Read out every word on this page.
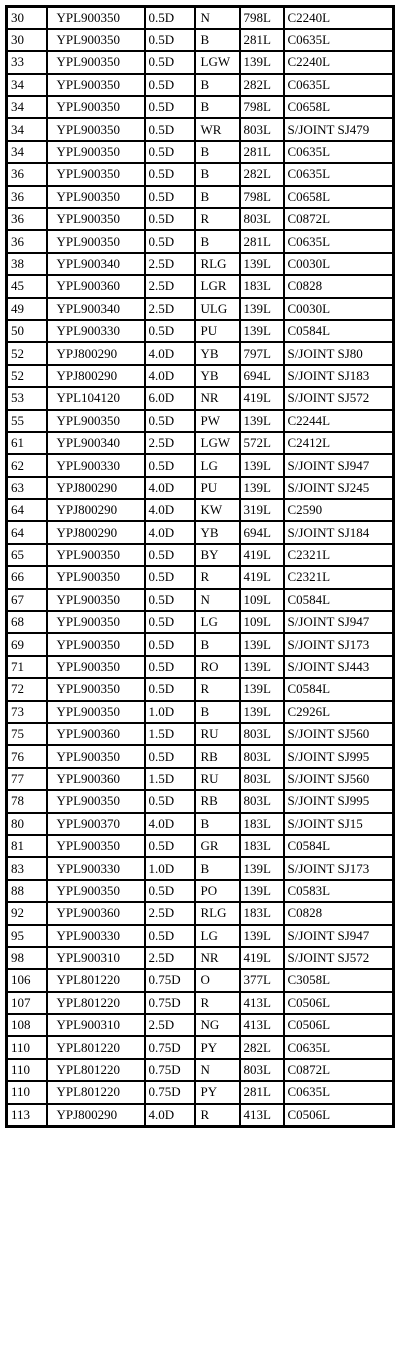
30	YPL900350	0.5D	N	798L	C2240L
30	YPL900350	0.5D	B	281L	C0635L
33	YPL900350	0.5D	LGW	139L	C2240L
34	YPL900350	0.5D	B	282L	C0635L
34	YPL900350	0.5D	B	798L	C0658L
34	YPL900350	0.5D	WR	803L	S/JOINT SJ479
34	YPL900350	0.5D	B	281L	C0635L
36	YPL900350	0.5D	B	282L	C0635L
36	YPL900350	0.5D	B	798L	C0658L
36	YPL900350	0.5D	R	803L	C0872L
36	YPL900350	0.5D	B	281L	C0635L
38	YPL900340	2.5D	RLG	139L	C0030L
45	YPL900360	2.5D	LGR	183L	C0828
49	YPL900340	2.5D	ULG	139L	C0030L
50	YPL900330	0.5D	PU	139L	C0584L
52	YPJ800290	4.0D	YB	797L	S/JOINT SJ80
52	YPJ800290	4.0D	YB	694L	S/JOINT SJ183
53	YPL104120	6.0D	NR	419L	S/JOINT SJ572
55	YPL900350	0.5D	PW	139L	C2244L
61	YPL900340	2.5D	LGW	572L	C2412L
62	YPL900330	0.5D	LG	139L	S/JOINT SJ947
63	YPJ800290	4.0D	PU	139L	S/JOINT SJ245
64	YPJ800290	4.0D	KW	319L	C2590
64	YPJ800290	4.0D	YB	694L	S/JOINT SJ184
65	YPL900350	0.5D	BY	419L	C2321L
66	YPL900350	0.5D	R	419L	C2321L
67	YPL900350	0.5D	N	109L	C0584L
68	YPL900350	0.5D	LG	109L	S/JOINT SJ947
69	YPL900350	0.5D	B	139L	S/JOINT SJ173
71	YPL900350	0.5D	RO	139L	S/JOINT SJ443
72	YPL900350	0.5D	R	139L	C0584L
73	YPL900350	1.0D	B	139L	C2926L
75	YPL900360	1.5D	RU	803L	S/JOINT SJ560
76	YPL900350	0.5D	RB	803L	S/JOINT SJ995
77	YPL900360	1.5D	RU	803L	S/JOINT SJ560
78	YPL900350	0.5D	RB	803L	S/JOINT SJ995
80	YPL900370	4.0D	B	183L	S/JOINT SJ15
81	YPL900350	0.5D	GR	183L	C0584L
83	YPL900330	1.0D	B	139L	S/JOINT SJ173
88	YPL900350	0.5D	PO	139L	C0583L
92	YPL900360	2.5D	RLG	183L	C0828
95	YPL900330	0.5D	LG	139L	S/JOINT SJ947
98	YPL900310	2.5D	NR	419L	S/JOINT SJ572
106	YPL801220	0.75D	O	377L	C3058L
107	YPL801220	0.75D	R	413L	C0506L
108	YPL900310	2.5D	NG	413L	C0506L
110	YPL801220	0.75D	PY	282L	C0635L
110	YPL801220	0.75D	N	803L	C0872L
110	YPL801220	0.75D	PY	281L	C0635L
113	YPJ800290	4.0D	R	413L	C0506L
